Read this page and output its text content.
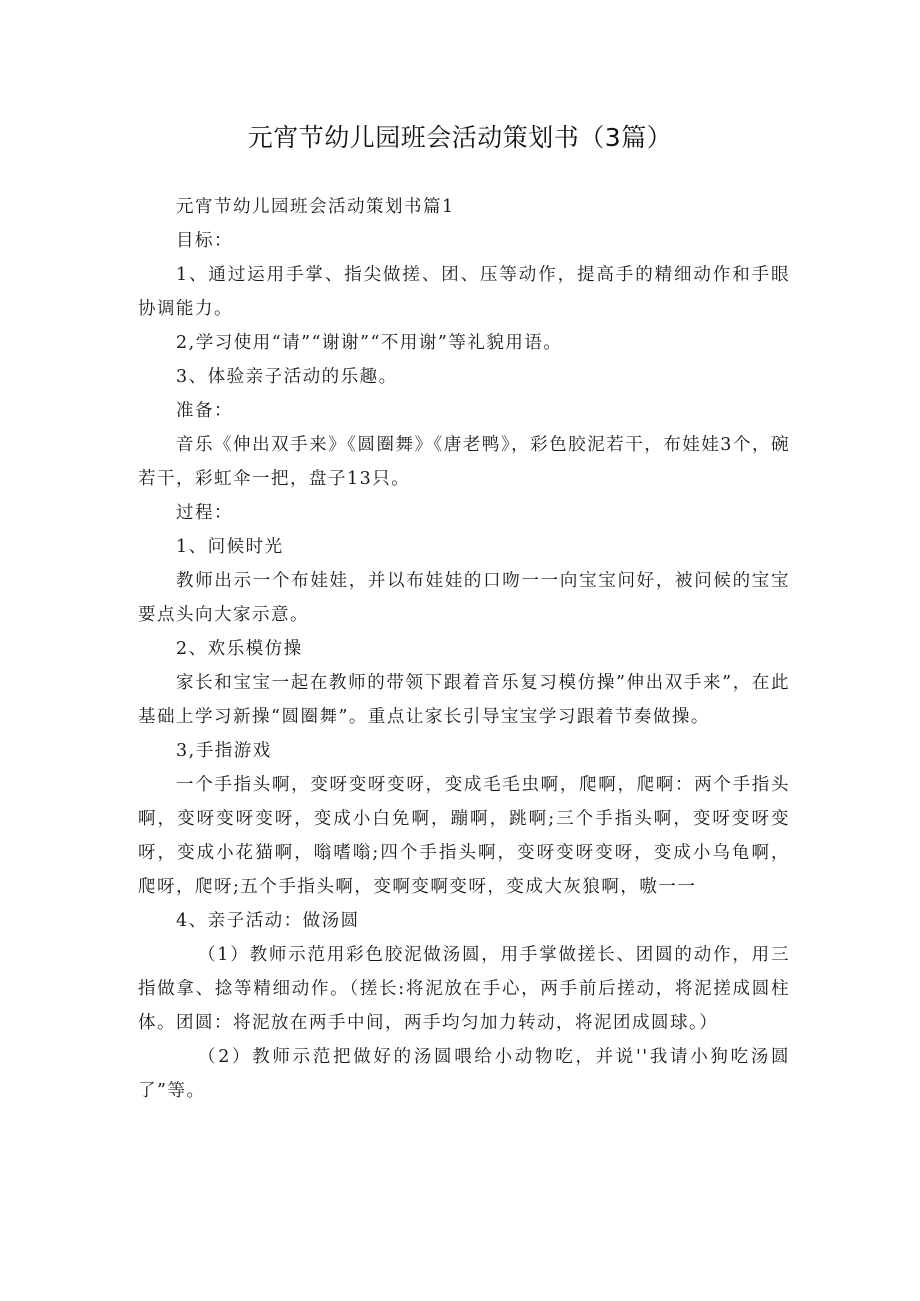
元宵节幼儿园班会活动策划书（3篇）

元宵节幼儿园班会活动策划书篇1

目标：

1、通过运用手掌、指尖做搓、团、压等动作，提高手的精细动作和手眼协调能力。

2,学习使用“请”“谢谢”“不用谢”等礼貌用语。

3、体验亲子活动的乐趣。

准备：

音乐《伸出双手来》《圆圈舞》《唐老鸭》，彩色胶泥若干，布娃娃3个，碗若干，彩虹伞一把，盘子13只。

过程：

1、问候时光

教师出示一个布娃娃，并以布娃娃的口吻一一向宝宝问好，被问候的宝宝要点头向大家示意。

2、欢乐模仿操

家长和宝宝一起在教师的带领下跟着音乐复习模仿操”伸出双手来”，在此基础上学习新操“圆圈舞”。重点让家长引导宝宝学习跟着节奏做操。

3,手指游戏

一个手指头啊，变呀变呀变呀，变成毛毛虫啊，爬啊，爬啊：两个手指头啊，变呀变呀变呀，变成小白免啊，蹦啊，跳啊;三个手指头啊，变呀变呀变呀，变成小花猫啊，嗡嗜嗡;四个手指头啊，变呀变呀变呀，变成小乌龟啊，爬呀，爬呀;五个手指头啊，变啊变啊变呀，变成大灰狼啊，嗷一一

4、亲子活动：做汤圆

（1）教师示范用彩色胶泥做汤圆，用手掌做搓长、团圆的动作，用三指做拿、捻等精细动作。（搓长:将泥放在手心，两手前后搓动，将泥搓成圆柱体。团圆：将泥放在两手中间，两手均匀加力转动，将泥团成圆球。）

（2）教师示范把做好的汤圆喂给小动物吃，并说''我请小狗吃汤圆了”等。
